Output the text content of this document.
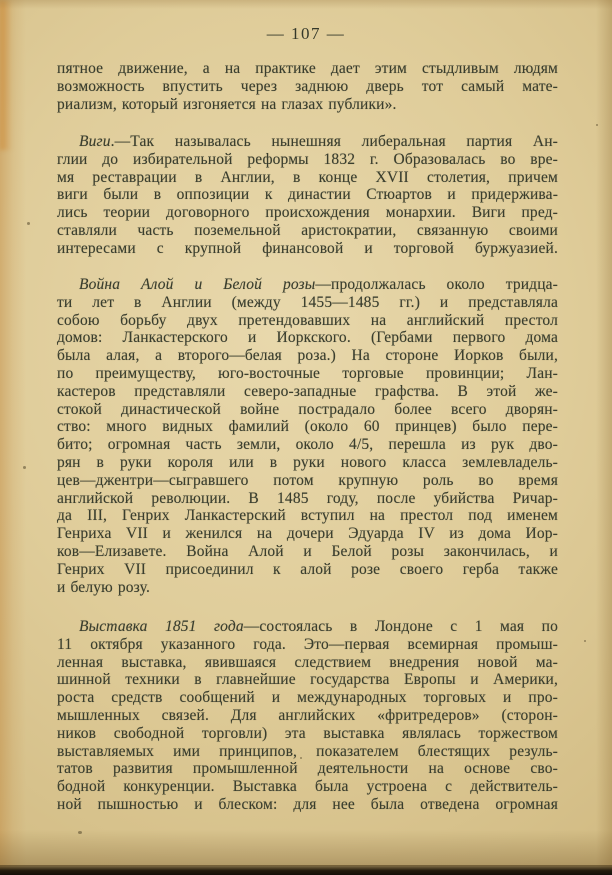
— 107 —
пятное движение, а на практике дает этим стыдливым людям
возможность впустить через заднюю дверь тот самый мате-
риализм, который изгоняется на глазах публики».
Виги.—Так называлась нынешняя либеральная партия Ан-
глии до избирательной реформы 1832 г. Образовалась во вре-
мя реставрации в Англии, в конце XVII столетия, причем
виги были в оппозиции к династии Стюартов и придержива-
лись теории договорного происхождения монархии. Виги пред-
ставляли часть поземельной аристократии, связанную своими
интересами с крупной финансовой и торговой буржуазией.
Война Алой и Белой розы—продолжалась около тридца-
ти лет в Англии (между 1455—1485 гг.) и представляла
собою борьбу двух претендовавших на английский престол
домов: Ланкастерского и Иоркского. (Гербами первого дома
была алая, а второго—белая роза.) На стороне Иорков были,
по преимуществу, юго-восточные торговые провинции; Лан-
кастеров представляли северо-западные графства. В этой же-
стокой династической войне пострадало более всего дворян-
ство: много видных фамилий (около 60 принцев) было пере-
бито; огромная часть земли, около 4/5, перешла из рук дво-
рян в руки короля или в руки нового класса землевладель-
цев—джентри—сыгравшего потом крупную роль во время
английской революции. В 1485 году, после убийства Ричар-
да III, Генрих Ланкастерский вступил на престол под именем
Генриха VII и женился на дочери Эдуарда IV из дома Иор-
ков—Елизавете. Война Алой и Белой розы закончилась, и
Генрих VII присоединил к алой розе своего герба также
и белую розу.
Выставка 1851 года—состоялась в Лондоне с 1 мая по
11 октября указанного года. Это—первая всемирная промыш-
ленная выставка, явившаяся следствием внедрения новой ма-
шинной техники в главнейшие государства Европы и Америки,
роста средств сообщений и международных торговых и про-
мышленных связей. Для английских «фритредеров» (сторон-
ников свободной торговли) эта выставка являлась торжеством
выставляемых ими принципов, показателем блестящих резуль-
татов развития промышленной деятельности на основе сво-
бодной конкуренции. Выставка была устроена с действитель-
ной пышностью и блеском: для нее была отведена огромная
